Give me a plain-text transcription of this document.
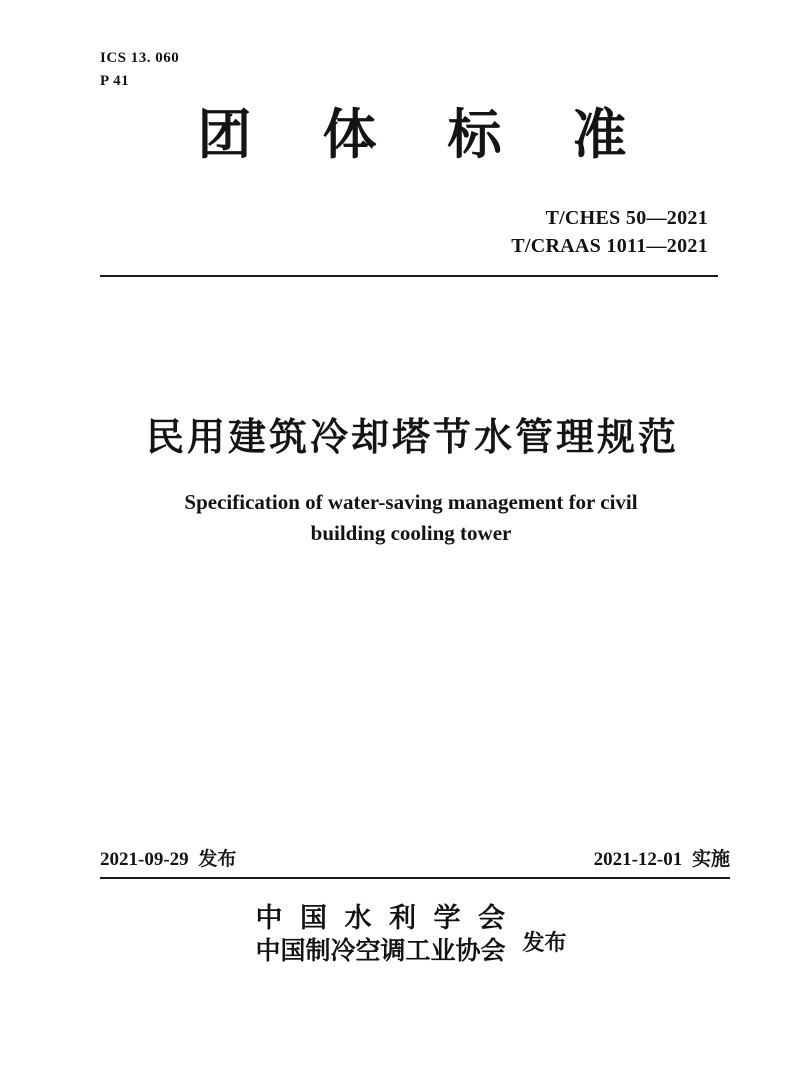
ICS 13. 060
P 41
团体标准
T/CHES 50—2021
T/CRAAS 1011—2021
民用建筑冷却塔节水管理规范
Specification of water-saving management for civil
building cooling tower
2021-09-29 发布	2021-12-01 实施
中国水利学会
中国制冷空调工业协会 发布
